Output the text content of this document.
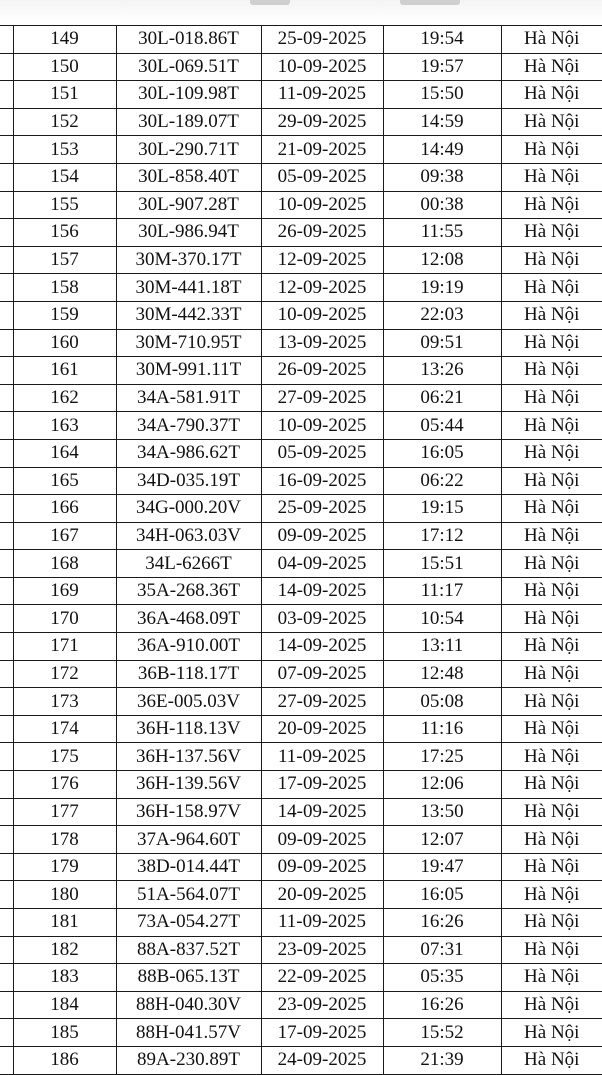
	149	30L-018.86T	25-09-2025	19:54	Hà Nội
	150	30L-069.51T	10-09-2025	19:57	Hà Nội
	151	30L-109.98T	11-09-2025	15:50	Hà Nội
	152	30L-189.07T	29-09-2025	14:59	Hà Nội
	153	30L-290.71T	21-09-2025	14:49	Hà Nội
	154	30L-858.40T	05-09-2025	09:38	Hà Nội
	155	30L-907.28T	10-09-2025	00:38	Hà Nội
	156	30L-986.94T	26-09-2025	11:55	Hà Nội
	157	30M-370.17T	12-09-2025	12:08	Hà Nội
	158	30M-441.18T	12-09-2025	19:19	Hà Nội
	159	30M-442.33T	10-09-2025	22:03	Hà Nội
	160	30M-710.95T	13-09-2025	09:51	Hà Nội
	161	30M-991.11T	26-09-2025	13:26	Hà Nội
	162	34A-581.91T	27-09-2025	06:21	Hà Nội
	163	34A-790.37T	10-09-2025	05:44	Hà Nội
	164	34A-986.62T	05-09-2025	16:05	Hà Nội
	165	34D-035.19T	16-09-2025	06:22	Hà Nội
	166	34G-000.20V	25-09-2025	19:15	Hà Nội
	167	34H-063.03V	09-09-2025	17:12	Hà Nội
	168	34L-6266T	04-09-2025	15:51	Hà Nội
	169	35A-268.36T	14-09-2025	11:17	Hà Nội
	170	36A-468.09T	03-09-2025	10:54	Hà Nội
	171	36A-910.00T	14-09-2025	13:11	Hà Nội
	172	36B-118.17T	07-09-2025	12:48	Hà Nội
	173	36E-005.03V	27-09-2025	05:08	Hà Nội
	174	36H-118.13V	20-09-2025	11:16	Hà Nội
	175	36H-137.56V	11-09-2025	17:25	Hà Nội
	176	36H-139.56V	17-09-2025	12:06	Hà Nội
	177	36H-158.97V	14-09-2025	13:50	Hà Nội
	178	37A-964.60T	09-09-2025	12:07	Hà Nội
	179	38D-014.44T	09-09-2025	19:47	Hà Nội
	180	51A-564.07T	20-09-2025	16:05	Hà Nội
	181	73A-054.27T	11-09-2025	16:26	Hà Nội
	182	88A-837.52T	23-09-2025	07:31	Hà Nội
	183	88B-065.13T	22-09-2025	05:35	Hà Nội
	184	88H-040.30V	23-09-2025	16:26	Hà Nội
	185	88H-041.57V	17-09-2025	15:52	Hà Nội
	186	89A-230.89T	24-09-2025	21:39	Hà Nội
